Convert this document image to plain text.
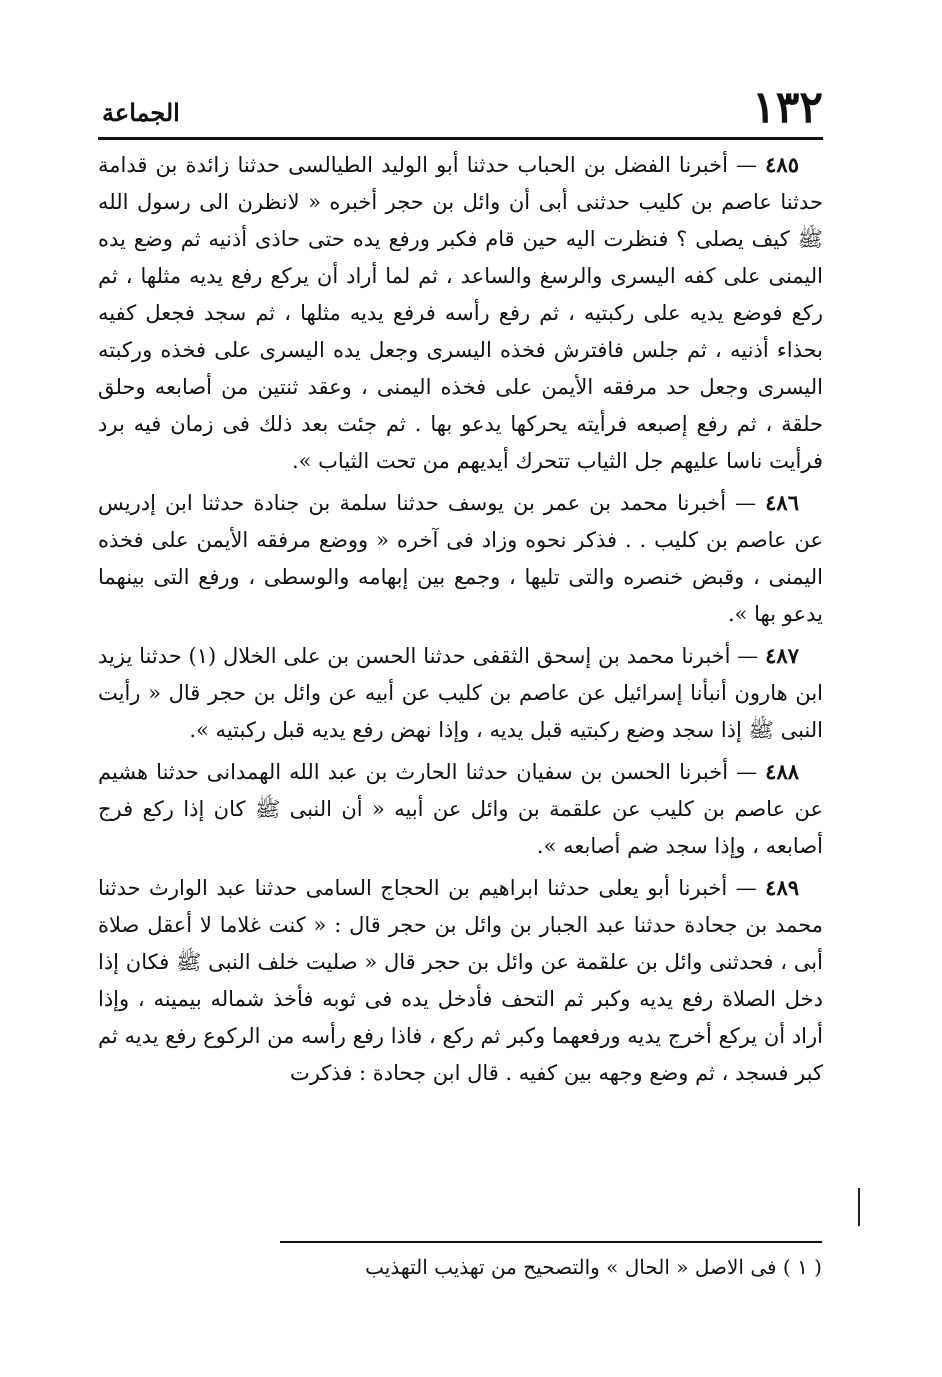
الجماعة	١٣٢

٤٨٥ — أخبرنا الفضل بن الحباب حدثنا أبو الوليد الطيالسى حدثنا زائدة بن قدامة حدثنا عاصم بن كليب حدثنى أبى أن وائل بن حجر أخبره « لانظرن الى رسول الله ﷺ كيف يصلى ؟ فنظرت اليه حين قام فكبر ورفع يده حتى حاذى أذنيه ثم وضع يده اليمنى على كفه اليسرى والرسغ والساعد ، ثم لما أراد أن يركع رفع يديه مثلها ، ثم ركع فوضع يديه على ركبتيه ، ثم رفع رأسه فرفع يديه مثلها ، ثم سجد فجعل كفيه بحذاء أذنيه ، ثم جلس فافترش فخذه اليسرى وجعل يده اليسرى على فخذه وركبته اليسرى وجعل حد مرفقه الأيمن على فخذه اليمنى ، وعقد ثنتين من أصابعه وحلق حلقة ، ثم رفع إصبعه فرأيته يحركها يدعو بها . ثم جئت بعد ذلك فى زمان فيه برد فرأيت ناسا عليهم جل الثياب تتحرك أيديهم من تحت الثياب ».

٤٨٦ — أخبرنا محمد بن عمر بن يوسف حدثنا سلمة بن جنادة حدثنا ابن إدريس عن عاصم بن كليب . . فذكر نحوه وزاد فى آخره « ووضع مرفقه الأيمن على فخذه اليمنى ، وقبض خنصره والتى تليها ، وجمع بين إبهامه والوسطى ، ورفع التى بينهما يدعو بها ».

٤٨٧ — أخبرنا محمد بن إسحق الثقفى حدثنا الحسن بن على الخلال (١) حدثنا يزيد ابن هارون أنبأنا إسرائيل عن عاصم بن كليب عن أبيه عن وائل بن حجر قال « رأيت النبى ﷺ إذا سجد وضع ركبتيه قبل يديه ، وإذا نهض رفع يديه قبل ركبتيه ».

٤٨٨ — أخبرنا الحسن بن سفيان حدثنا الحارث بن عبد الله الهمدانى حدثنا هشيم عن عاصم بن كليب عن علقمة بن وائل عن أبيه « أن النبى ﷺ كان إذا ركع فرج أصابعه ، وإذا سجد ضم أصابعه ».

٤٨٩ — أخبرنا أبو يعلى حدثنا ابراهيم بن الحجاج السامى حدثنا عبد الوارث حدثنا محمد بن جحادة حدثنا عبد الجبار بن وائل بن حجر قال : « كنت غلاما لا أعقل صلاة أبى ، فحدثنى وائل بن علقمة عن وائل بن حجر قال « صليت خلف النبى ﷺ فكان إذا دخل الصلاة رفع يديه وكبر ثم التحف فأدخل يده فى ثوبه فأخذ شماله بيمينه ، وإذا أراد أن يركع أخرج يديه ورفعهما وكبر ثم ركع ، فاذا رفع رأسه من الركوع رفع يديه ثم كبر فسجد ، ثم وضع وجهه بين كفيه . قال ابن جحادة : فذكرت

( ١ ) فى الاصل « الحال » والتصحيح من تهذيب التهذيب
